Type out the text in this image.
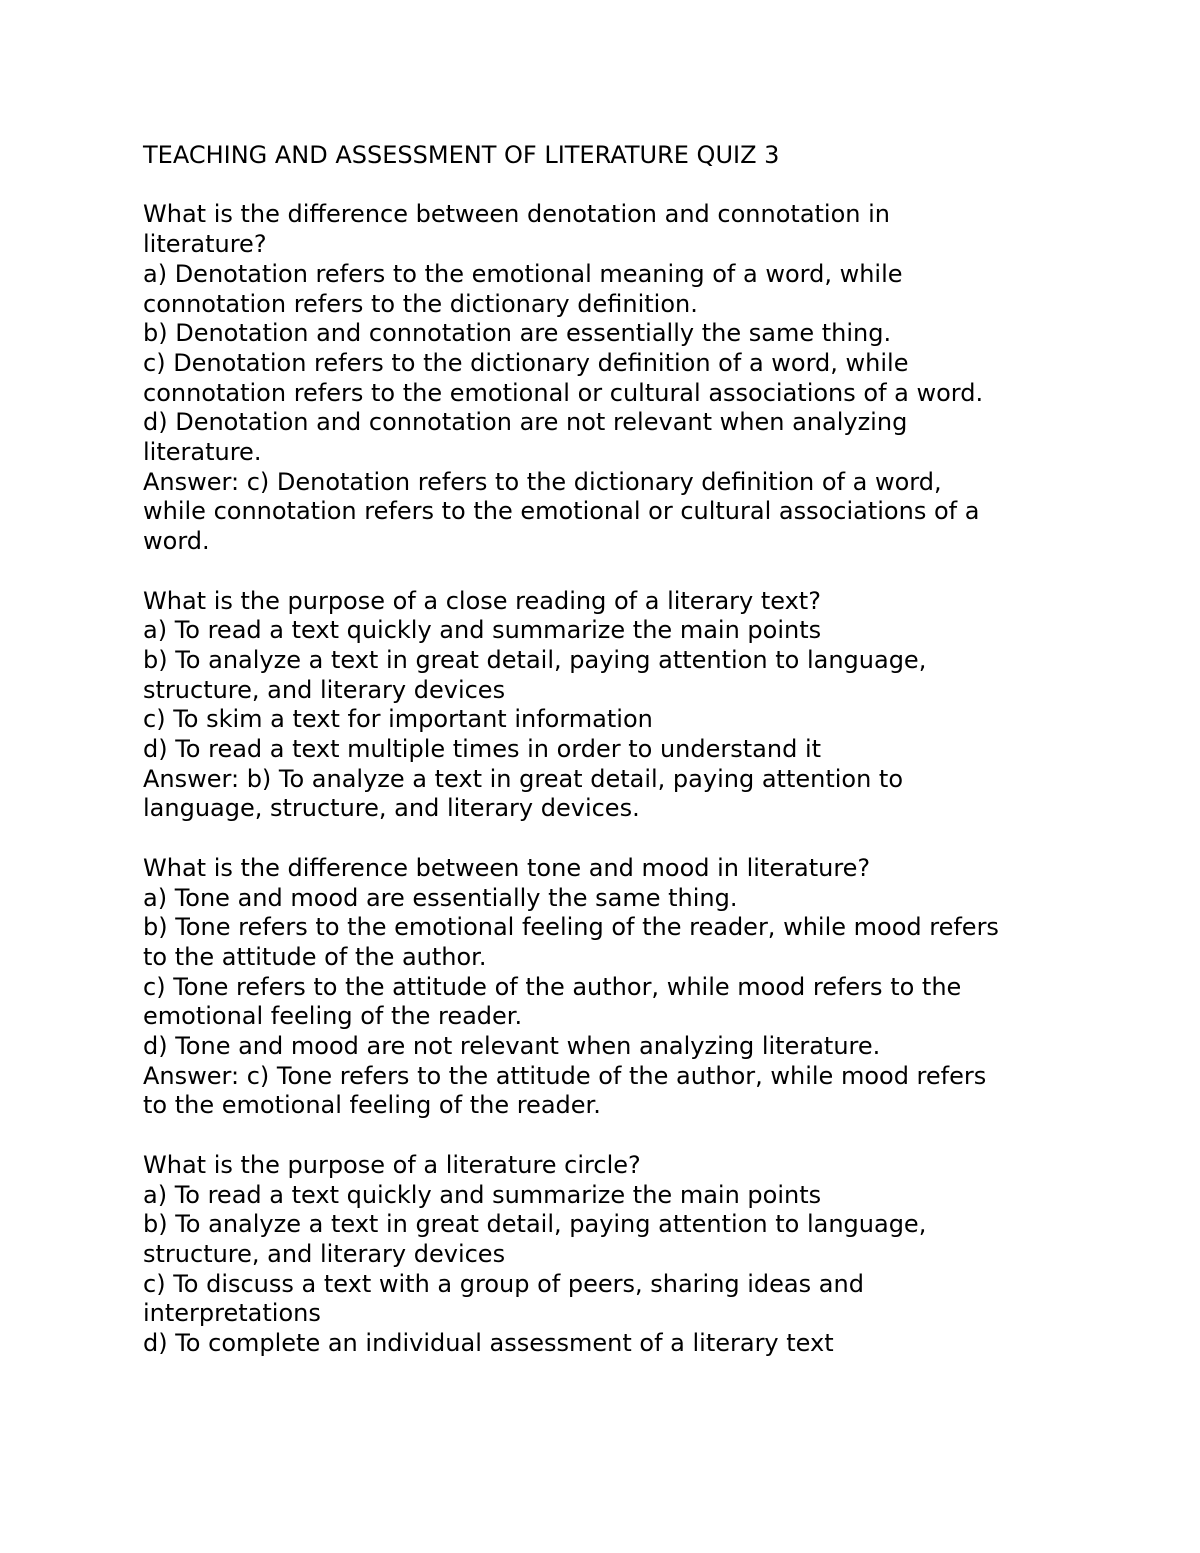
TEACHING AND ASSESSMENT OF LITERATURE QUIZ 3
What is the difference between denotation and connotation in
literature?
a) Denotation refers to the emotional meaning of a word, while
connotation refers to the dictionary definition.
b) Denotation and connotation are essentially the same thing.
c) Denotation refers to the dictionary definition of a word, while
connotation refers to the emotional or cultural associations of a word.
d) Denotation and connotation are not relevant when analyzing
literature.
Answer: c) Denotation refers to the dictionary definition of a word,
while connotation refers to the emotional or cultural associations of a
word.
What is the purpose of a close reading of a literary text?
a) To read a text quickly and summarize the main points
b) To analyze a text in great detail, paying attention to language,
structure, and literary devices
c) To skim a text for important information
d) To read a text multiple times in order to understand it
Answer: b) To analyze a text in great detail, paying attention to
language, structure, and literary devices.
What is the difference between tone and mood in literature?
a) Tone and mood are essentially the same thing.
b) Tone refers to the emotional feeling of the reader, while mood refers
to the attitude of the author.
c) Tone refers to the attitude of the author, while mood refers to the
emotional feeling of the reader.
d) Tone and mood are not relevant when analyzing literature.
Answer: c) Tone refers to the attitude of the author, while mood refers
to the emotional feeling of the reader.
What is the purpose of a literature circle?
a) To read a text quickly and summarize the main points
b) To analyze a text in great detail, paying attention to language,
structure, and literary devices
c) To discuss a text with a group of peers, sharing ideas and
interpretations
d) To complete an individual assessment of a literary text
